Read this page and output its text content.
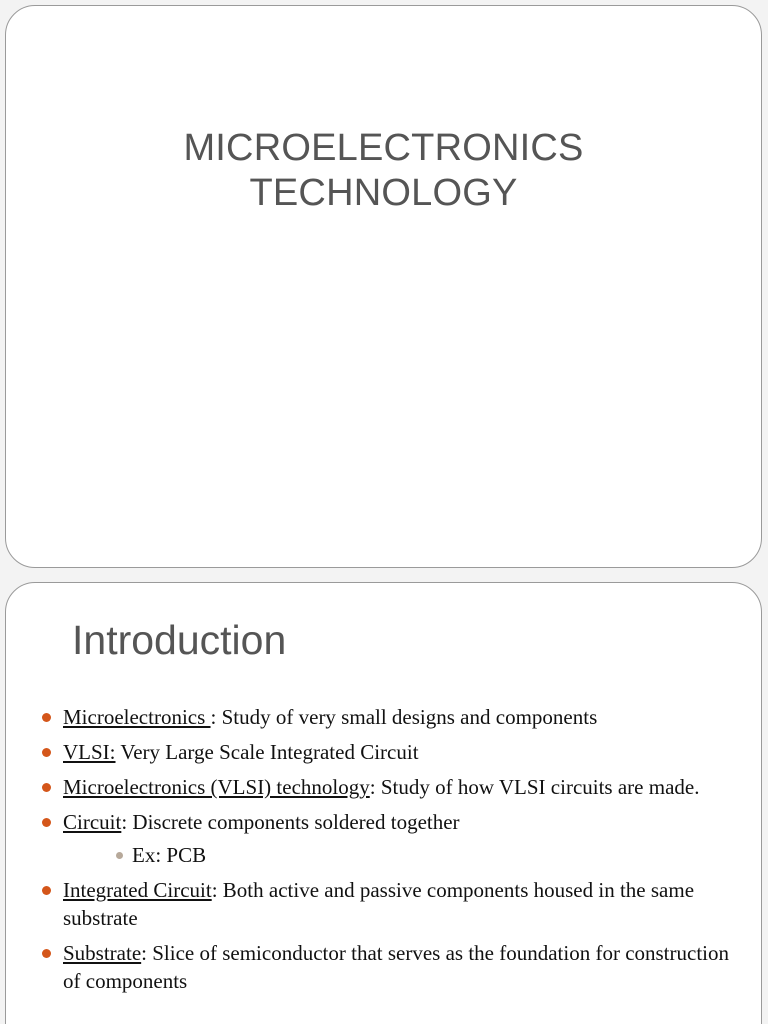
MICROELECTRONICS
TECHNOLOGY
Introduction
Microelectronics : Study of very small designs and components
VLSI: Very Large Scale Integrated Circuit
Microelectronics (VLSI) technology: Study of how VLSI circuits are made.
Circuit: Discrete components soldered together
Ex: PCB
Integrated Circuit: Both active and passive components housed in the same substrate
Substrate: Slice of semiconductor that serves as the foundation for construction of components
